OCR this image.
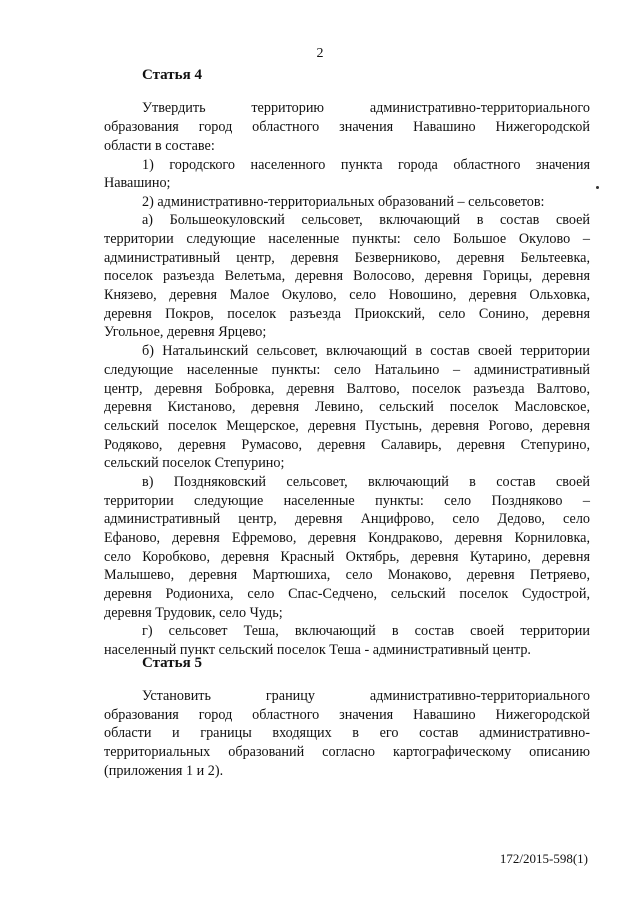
2
Статья 4
Утвердить территорию административно-территориального
образования город областного значения Навашино Нижегородской
области в составе:
1) городского населенного пункта города областного значения
Навашино;
2) административно-территориальных образований – сельсоветов:
а) Большеокуловский сельсовет, включающий в состав своей
территории следующие населенные пункты: село Большое Окулово –
административный центр, деревня Безверниково, деревня Бельтеевка,
поселок разъезда Велетьма, деревня Волосово, деревня Горицы, деревня
Князево, деревня Малое Окулово, село Новошино, деревня Ольховка,
деревня Покров, поселок разъезда Приокский, село Сонино, деревня
Угольное, деревня Ярцево;
б) Натальинский сельсовет, включающий в состав своей территории
следующие населенные пункты: село Натальино – административный
центр, деревня Бобровка, деревня Валтово, поселок разъезда Валтово,
деревня Кистаново, деревня Левино, сельский поселок Масловское,
сельский поселок Мещерское, деревня Пустынь, деревня Рогово, деревня
Родяково, деревня Румасово, деревня Салавирь, деревня Степурино,
сельский поселок Степурино;
в) Поздняковский сельсовет, включающий в состав своей
территории следующие населенные пункты: село Поздняково –
административный центр, деревня Анцифрово, село Дедово, село
Ефаново, деревня Ефремово, деревня Кондраково, деревня Корниловка,
село Коробково, деревня Красный Октябрь, деревня Кутарино, деревня
Малышево, деревня Мартюшиха, село Монаково, деревня Петряево,
деревня Родиониха, село Спас-Седчено, сельский поселок Судострой,
деревня Трудовик, село Чудь;
г) сельсовет Теша, включающий в состав своей территории
населенный пункт сельский поселок Теша - административный центр.
Статья 5
Установить границу административно-территориального
образования город областного значения Навашино Нижегородской
области и границы входящих в его состав административно-
территориальных образований согласно картографическому описанию
(приложения 1 и 2).
172/2015-598(1)
